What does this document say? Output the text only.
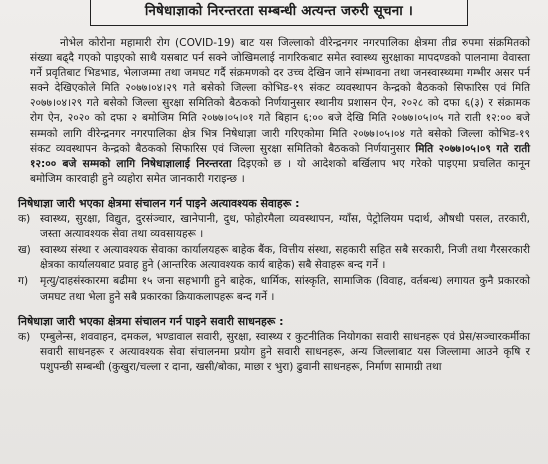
निषेधाज्ञाको निरन्तरता सम्बन्धी अत्यन्त जरुरी सूचना ।

नोभेल कोरोना महामारी रोग (COVID-19) बाट यस जिल्लाको वीरेन्द्रनगर नगरपालिका क्षेत्रमा तीव्र रुपमा संक्रमितको संख्या बढ्दै गएको पाइएको साथै यसबाट पर्न सक्ने जोखिमलाई नागरिकबाट समेत स्वास्थ्य सुरक्षाका मापदण्डको पालनामा वेवास्ता गर्ने प्रवृतिबाट भिडभाड, भेलाजम्मा तथा जमघट गर्दै संक्रमणको दर उच्च देखिन जाने संम्भावना तथा जनस्वास्थ्यमा गम्भीर असर पर्न सक्ने देखिएकोले मिति २०७७।०४।२९ गते बसेको जिल्ला कोभिड-१९ संकट व्यवस्थापन केन्द्रको बैठकको सिफारिस एवं मिति २०७७।०४।२९ गते बसेको जिल्ला सुरक्षा समितिको बैठकको निर्णयानुसार स्थानीय प्रशासन ऐन, २०२८ को दफा ६(३) र संक्रामक रोग ऐन, २०२० को दफा २ बमोजिम मिति २०७७।०५।०१ गते बिहान ६:०० बजे देखि मिति २०७७।०५।०५ गते राती १२:०० बजे सम्मको लागि वीरेन्द्रनगर नगरपालिका क्षेत्र भित्र निषेधाज्ञा जारी गरिएकोमा मिति २०७७।०५।०४ गते बसेको जिल्ला कोभिड-१९ संकट व्यवस्थापन केन्द्रको बैठकको सिफारिस एवं जिल्ला सुरक्षा समितिको बैठकको निर्णयानुसार मिति २०७७।०५।०९ गते राती १२:०० बजे सम्मको लागि निषेधाज्ञालाई निरन्तरता दिइएको छ । यो आदेशको बर्खिलाप भए गरेको पाइएमा प्रचलित कानून बमोजिम कारवाही हुने व्यहोरा समेत जानकारी गराइन्छ ।

निषेधाज्ञा जारी भएका क्षेत्रमा संचालन गर्न पाइने अत्यावश्यक सेवाहरू :
क) स्वास्थ्य, सुरक्षा, विद्युत, दुरसंञ्चार, खानेपानी, दुध, फोहोरमैला व्यवस्थापन, ग्याँस, पेट्रोलियम पदार्थ, औषधी पसल, तरकारी, जस्ता अत्यावश्यक सेवा तथा व्यवसायहरू ।
ख) स्वास्थ्य संस्था र अत्यावश्यक सेवाका कार्यालयहरू बाहेक बैंक, वित्तीय संस्था, सहकारी सहित सबै सरकारी, निजी तथा गैरसरकारी क्षेत्रका कार्यालयबाट प्रवाह हुने (आन्तरिक अत्यावश्यक कार्य बाहेक) सबै सेवाहरू बन्द गर्ने ।
ग)	मृत्यु/दाहसंस्कारमा बढीमा १५ जना सहभागी हुने बाहेक, धार्मिक, सांस्कृति, सामाजिक (विवाह, वर्तबन्ध) लगायत कुनै प्रकारको जमघट तथा भेला हुने सबै प्रकारका क्रियाकलापहरू बन्द गर्ने ।
निषेधाज्ञा जारी भएका क्षेत्रमा संचालन गर्न पाइने सवारी साधनहरू :
क) एम्बुलेन्स, शववाहन, दमकल, भण्डावाल सवारी, सुरक्षा, स्वास्थ्य र कुटनीतिक नियोगका सवारी साधनहरू एवं प्रेस/सञ्चारकर्मीका सवारी साधनहरू र अत्यावश्यक सेवा संचालनमा प्रयोग हुने सवारी साधनहरू, अन्य जिल्लाबाट यस जिल्लामा आउने कृषि र पशुपन्छी सम्बन्धी (कुखुरा/चल्ला र दाना, खसी/बोका, माछा र भुरा) ढुवानी साधनहरू, निर्माण सामाग्री तथा
